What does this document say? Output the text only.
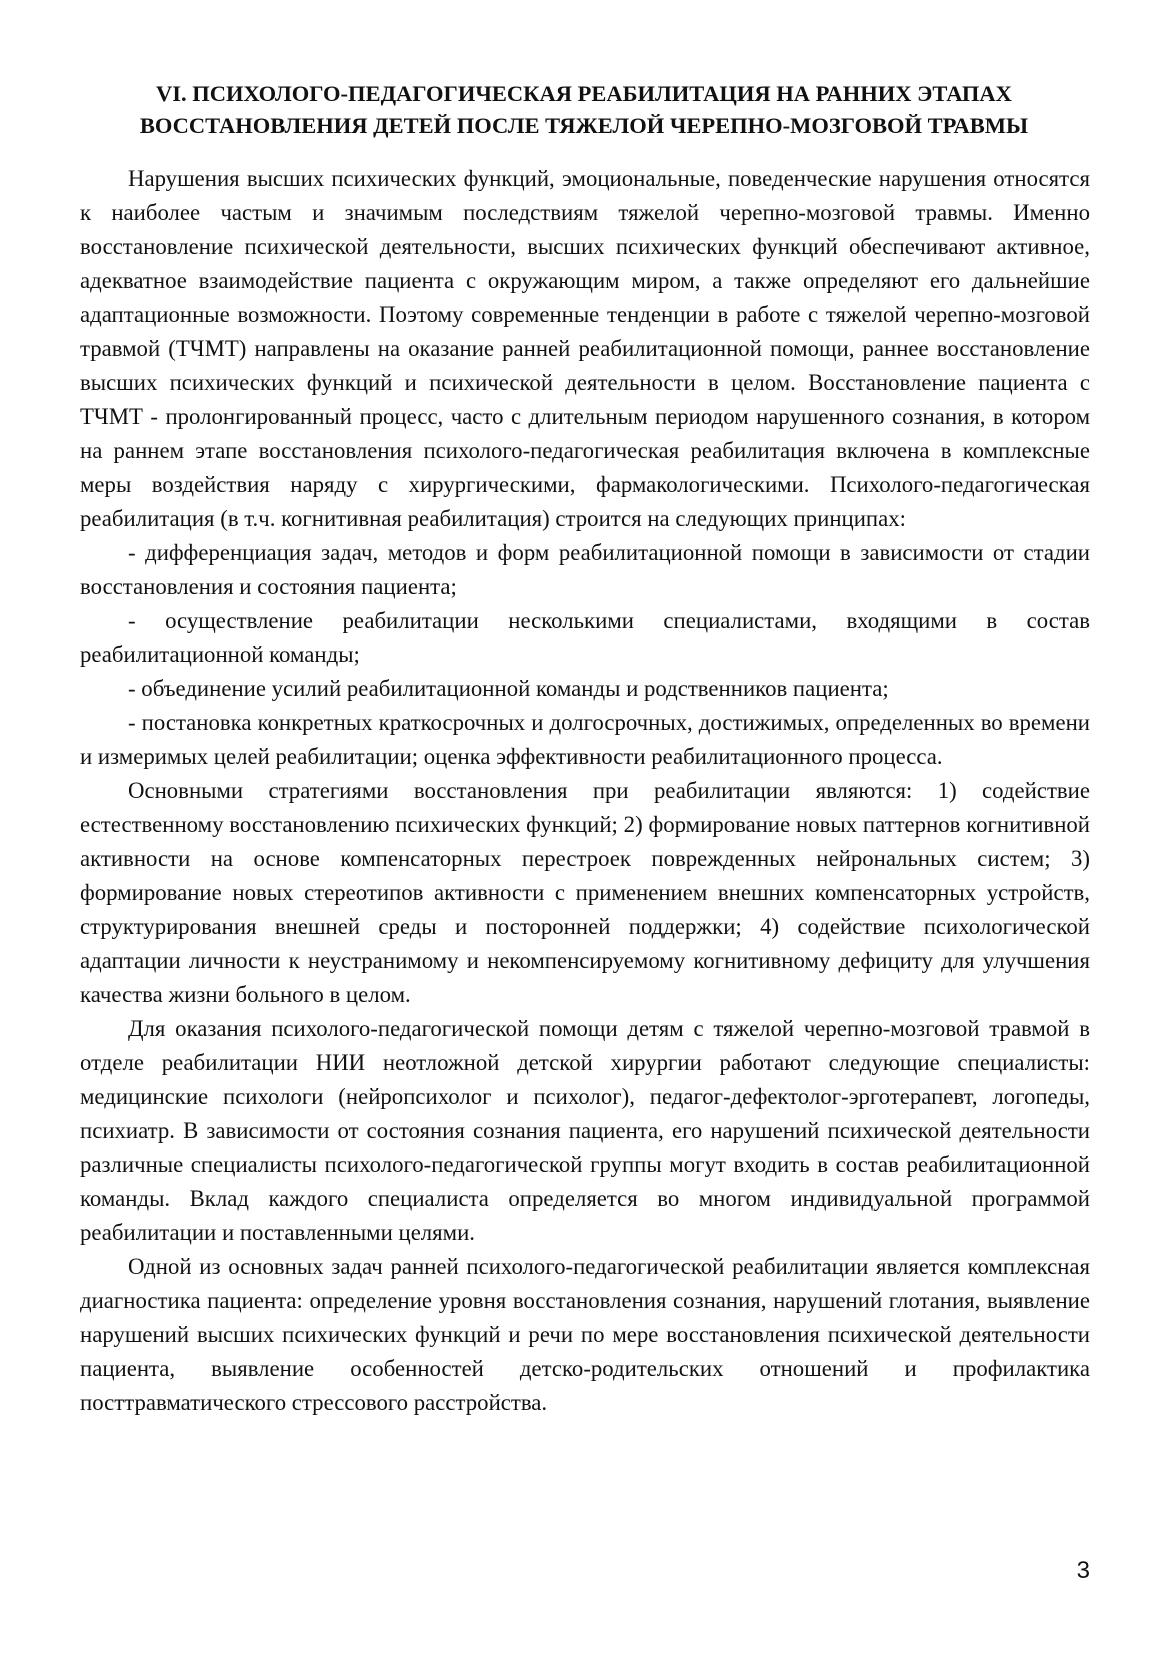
VI. ПСИХОЛОГО-ПЕДАГОГИЧЕСКАЯ РЕАБИЛИТАЦИЯ НА РАННИХ ЭТАПАХ
ВОССТАНОВЛЕНИЯ ДЕТЕЙ ПОСЛЕ ТЯЖЕЛОЙ ЧЕРЕПНО-МОЗГОВОЙ ТРАВМЫ

Нарушения высших психических функций, эмоциональные, поведенческие нарушения относятся к наиболее частым и значимым последствиям тяжелой черепно-мозговой травмы. Именно восстановление психической деятельности, высших психических функций обеспечивают активное, адекватное взаимодействие пациента с окружающим миром, а также определяют его дальнейшие адаптационные возможности. Поэтому современные тенденции в работе с тяжелой черепно-мозговой травмой (ТЧМТ) направлены на оказание ранней реабилитационной помощи, раннее восстановление высших психических функций и психической деятельности в целом. Восстановление пациента с ТЧМТ - пролонгированный процесс, часто с длительным периодом нарушенного сознания, в котором на раннем этапе восстановления психолого-педагогическая реабилитация включена в комплексные меры воздействия наряду с хирургическими, фармакологическими. Психолого-педагогическая реабилитация (в т.ч. когнитивная реабилитация) строится на следующих принципах:

- дифференциация задач, методов и форм реабилитационной помощи в зависимости от стадии восстановления и состояния пациента;

- осуществление реабилитации несколькими специалистами, входящими в состав реабилитационной команды;

- объединение усилий реабилитационной команды и родственников пациента;

- постановка конкретных краткосрочных и долгосрочных, достижимых, определенных во времени и измеримых целей реабилитации; оценка эффективности реабилитационного процесса.

Основными стратегиями восстановления при реабилитации являются: 1) содействие естественному восстановлению психических функций; 2) формирование новых паттернов когнитивной активности на основе компенсаторных перестроек поврежденных нейрональных систем; 3) формирование новых стереотипов активности с применением внешних компенсаторных устройств, структурирования внешней среды и посторонней поддержки; 4) содействие психологической адаптации личности к неустранимому и некомпенсируемому когнитивному дефициту для улучшения качества жизни больного в целом.

Для оказания психолого-педагогической помощи детям с тяжелой черепно-мозговой травмой в отделе реабилитации НИИ неотложной детской хирургии работают следующие специалисты: медицинские психологи (нейропсихолог и психолог), педагог-дефектолог-эрготерапевт, логопеды, психиатр. В зависимости от состояния сознания пациента, его нарушений психической деятельности различные специалисты психолого-педагогической группы могут входить в состав реабилитационной команды. Вклад каждого специалиста определяется во многом индивидуальной программой реабилитации и поставленными целями.

Одной из основных задач ранней психолого-педагогической реабилитации является комплексная диагностика пациента: определение уровня восстановления сознания, нарушений глотания, выявление нарушений высших психических функций и речи по мере восстановления психической деятельности пациента, выявление особенностей детско-родительских отношений и профилактика посттравматического стрессового расстройства.

3
